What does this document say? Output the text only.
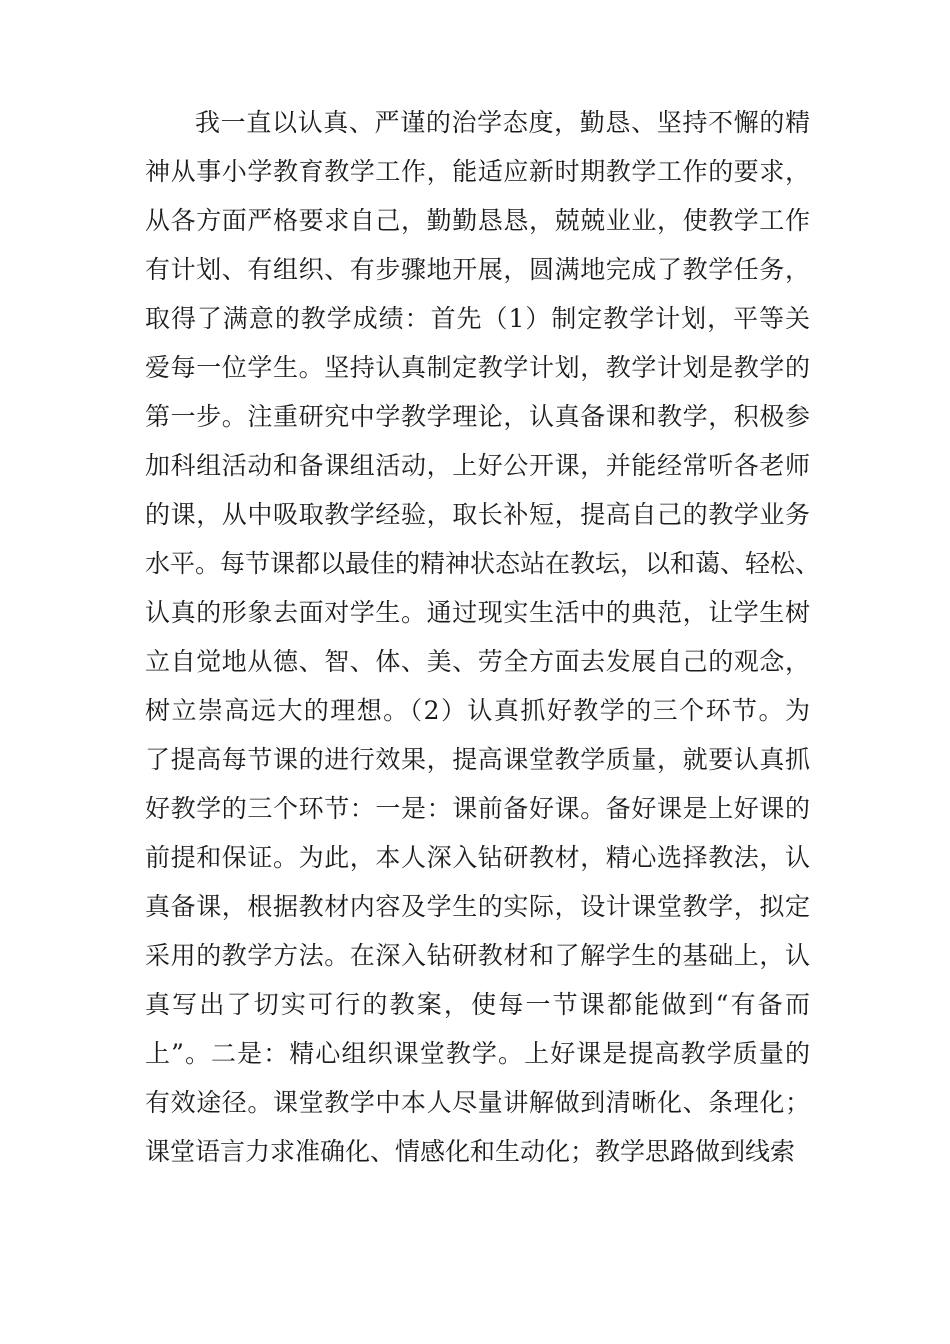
我一直以认真、严谨的治学态度，勤恳、坚持不懈的精
神从事小学教育教学工作，能适应新时期教学工作的要求，
从各方面严格要求自己，勤勤恳恳，兢兢业业，使教学工作
有计划、有组织、有步骤地开展，圆满地完成了教学任务，
取得了满意的教学成绩：首先（1）制定教学计划，平等关
爱每一位学生。坚持认真制定教学计划，教学计划是教学的
第一步。注重研究中学教学理论，认真备课和教学，积极参
加科组活动和备课组活动，上好公开课，并能经常听各老师
的课，从中吸取教学经验，取长补短，提高自己的教学业务
水平。每节课都以最佳的精神状态站在教坛，以和蔼、轻松、
认真的形象去面对学生。通过现实生活中的典范，让学生树
立自觉地从德、智、体、美、劳全方面去发展自己的观念，
树立崇高远大的理想。（2）认真抓好教学的三个环节。为
了提高每节课的进行效果，提高课堂教学质量，就要认真抓
好教学的三个环节：一是：课前备好课。备好课是上好课的
前提和保证。为此，本人深入钻研教材，精心选择教法，认
真备课，根据教材内容及学生的实际，设计课堂教学，拟定
采用的教学方法。在深入钻研教材和了解学生的基础上，认
真写出了切实可行的教案，使每一节课都能做到“有备而
上”。二是：精心组织课堂教学。上好课是提高教学质量的
有效途径。课堂教学中本人尽量讲解做到清晰化、条理化；
课堂语言力求准确化、情感化和生动化；教学思路做到线索
